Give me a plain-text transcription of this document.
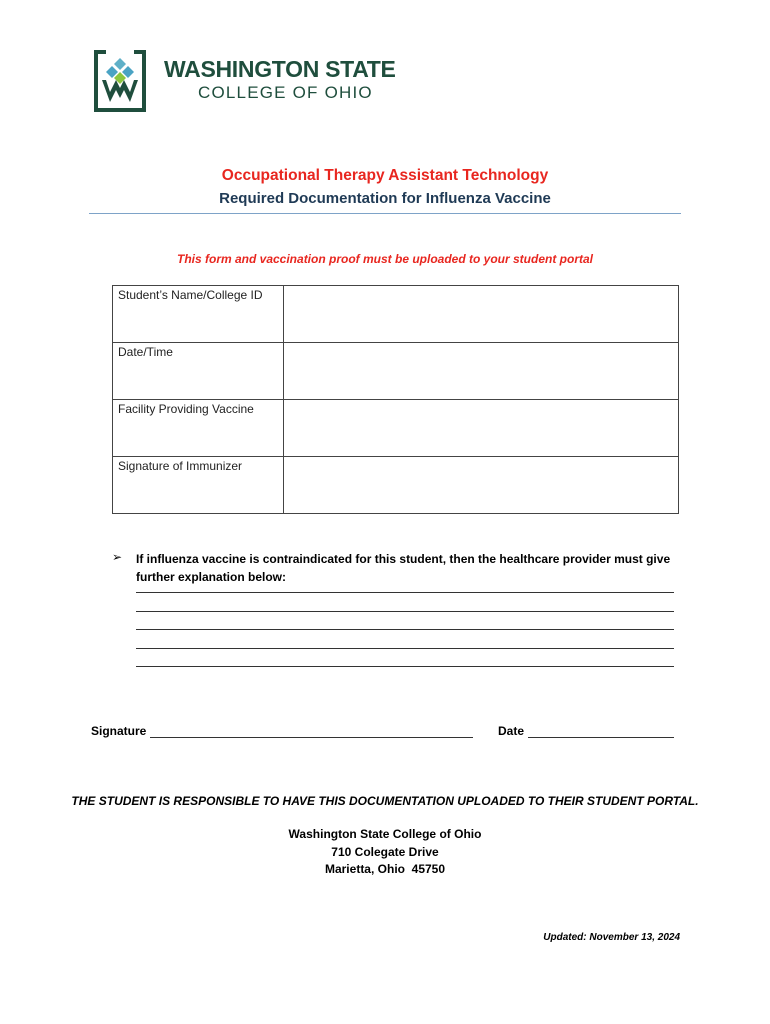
WASHINGTON STATE
COLLEGE OF OHIO
Occupational Therapy Assistant Technology
Required Documentation for Influenza Vaccine
This form and vaccination proof must be uploaded to your student portal
Student’s Name/College ID	
Date/Time	
Facility Providing Vaccine	
Signature of Immunizer	
➢ If influenza vaccine is contraindicated for this student, then the healthcare provider must give further explanation below:
Signature	Date
THE STUDENT IS RESPONSIBLE TO HAVE THIS DOCUMENTATION UPLOADED TO THEIR STUDENT PORTAL.
Washington State College of Ohio
710 Colegate Drive
Marietta, Ohio  45750
Updated: November 13, 2024
